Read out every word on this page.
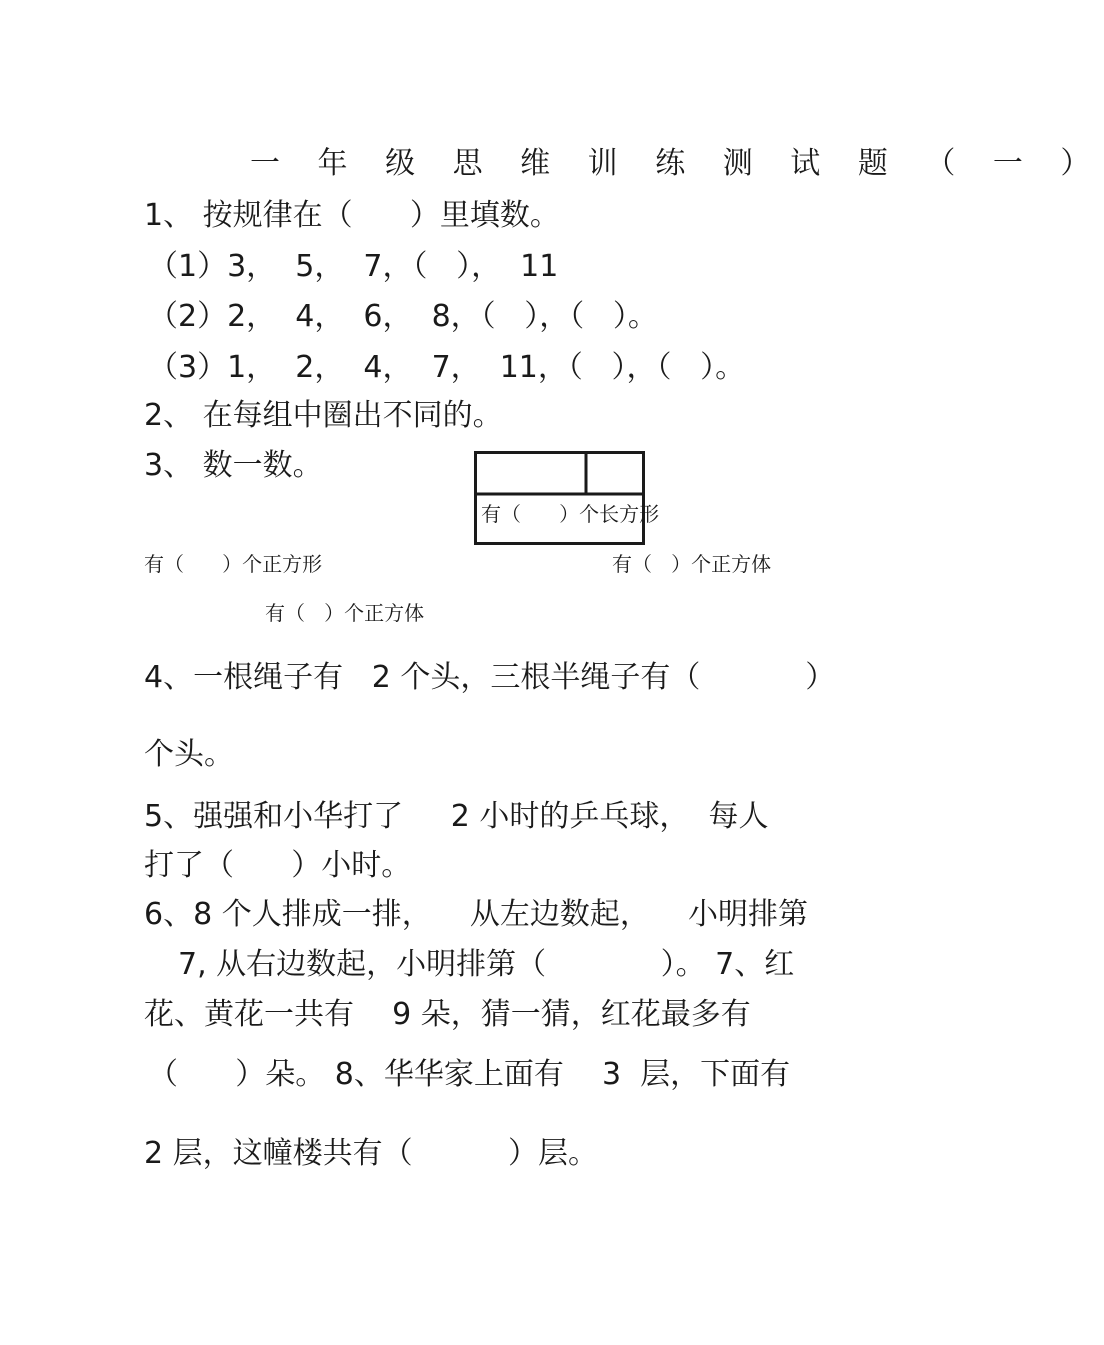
一 年 级 思 维 训 练 测 试 题 （ 一 ）
1、 按规律在（      ）里填数。
（1）3，  5，  7，（   ），  11
（2）2，  4，  6，  8，（   ），（   ）。
（3）1，  2，  4，  7，  11，（   ），（   ）。
2、 在每组中圈出不同的。
3、 数一数。
有（      ）个长方形
有（      ）个正方形	有（   ）个正方体
有（   ）个正方体
4、一根绳子有   2 个头，三根半绳子有（           ）
个头。
5、强强和小华打了     2 小时的乒乓球，  每人
打了（      ）小时。
6、8 个人排成一排，    从左边数起，    小明排第
7, 从右边数起，小明排第（            ）。 7、红
花、黄花一共有    9 朵，猜一猜，红花最多有
（      ）朵。 8、华华家上面有    3  层，下面有
2 层，这幢楼共有（          ）层。
